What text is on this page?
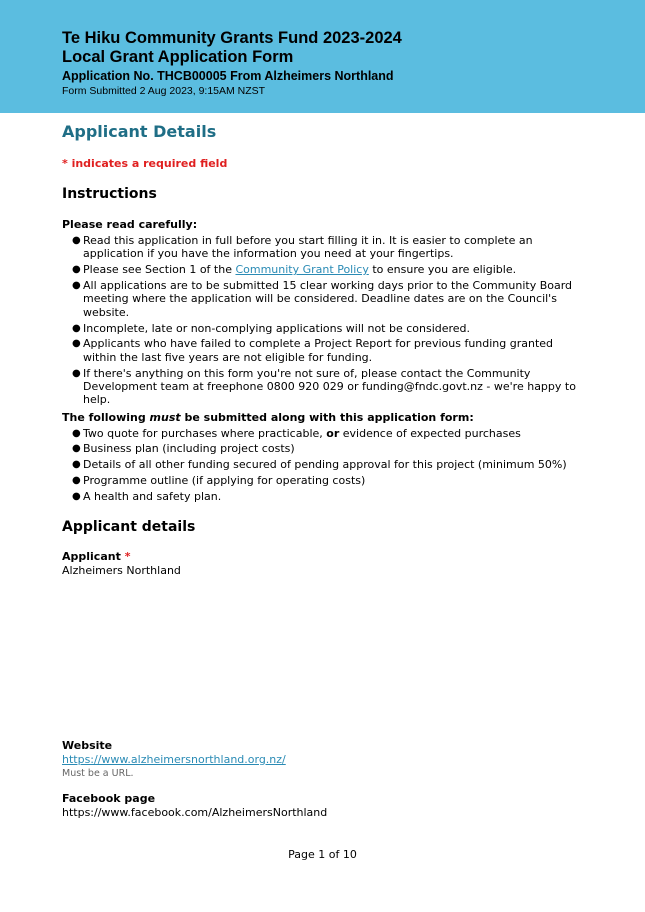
Te Hiku Community Grants Fund 2023-2024
Local Grant Application Form
Application No. THCB00005 From Alzheimers Northland
Form Submitted 2 Aug 2023, 9:15AM NZST
Applicant Details
* indicates a required field
Instructions
Please read carefully:
● Read this application in full before you start filling it in. It is easier to complete an application if you have the information you need at your fingertips.
● Please see Section 1 of the Community Grant Policy to ensure you are eligible.
● All applications are to be submitted 15 clear working days prior to the Community Board meeting where the application will be considered. Deadline dates are on the Council's website.
● Incomplete, late or non-complying applications will not be considered.
● Applicants who have failed to complete a Project Report for previous funding granted within the last five years are not eligible for funding.
● If there's anything on this form you're not sure of, please contact the Community Development team at freephone 0800 920 029 or funding@fndc.govt.nz - we're happy to help.
The following must be submitted along with this application form:
● Two quote for purchases where practicable, or evidence of expected purchases
● Business plan (including project costs)
● Details of all other funding secured of pending approval for this project (minimum 50%)
● Programme outline (if applying for operating costs)
● A health and safety plan.
Applicant details
Applicant *
Alzheimers Northland
Website
https://www.alzheimersnorthland.org.nz/
Must be a URL.
Facebook page
https://www.facebook.com/AlzheimersNorthland
Page 1 of 10
